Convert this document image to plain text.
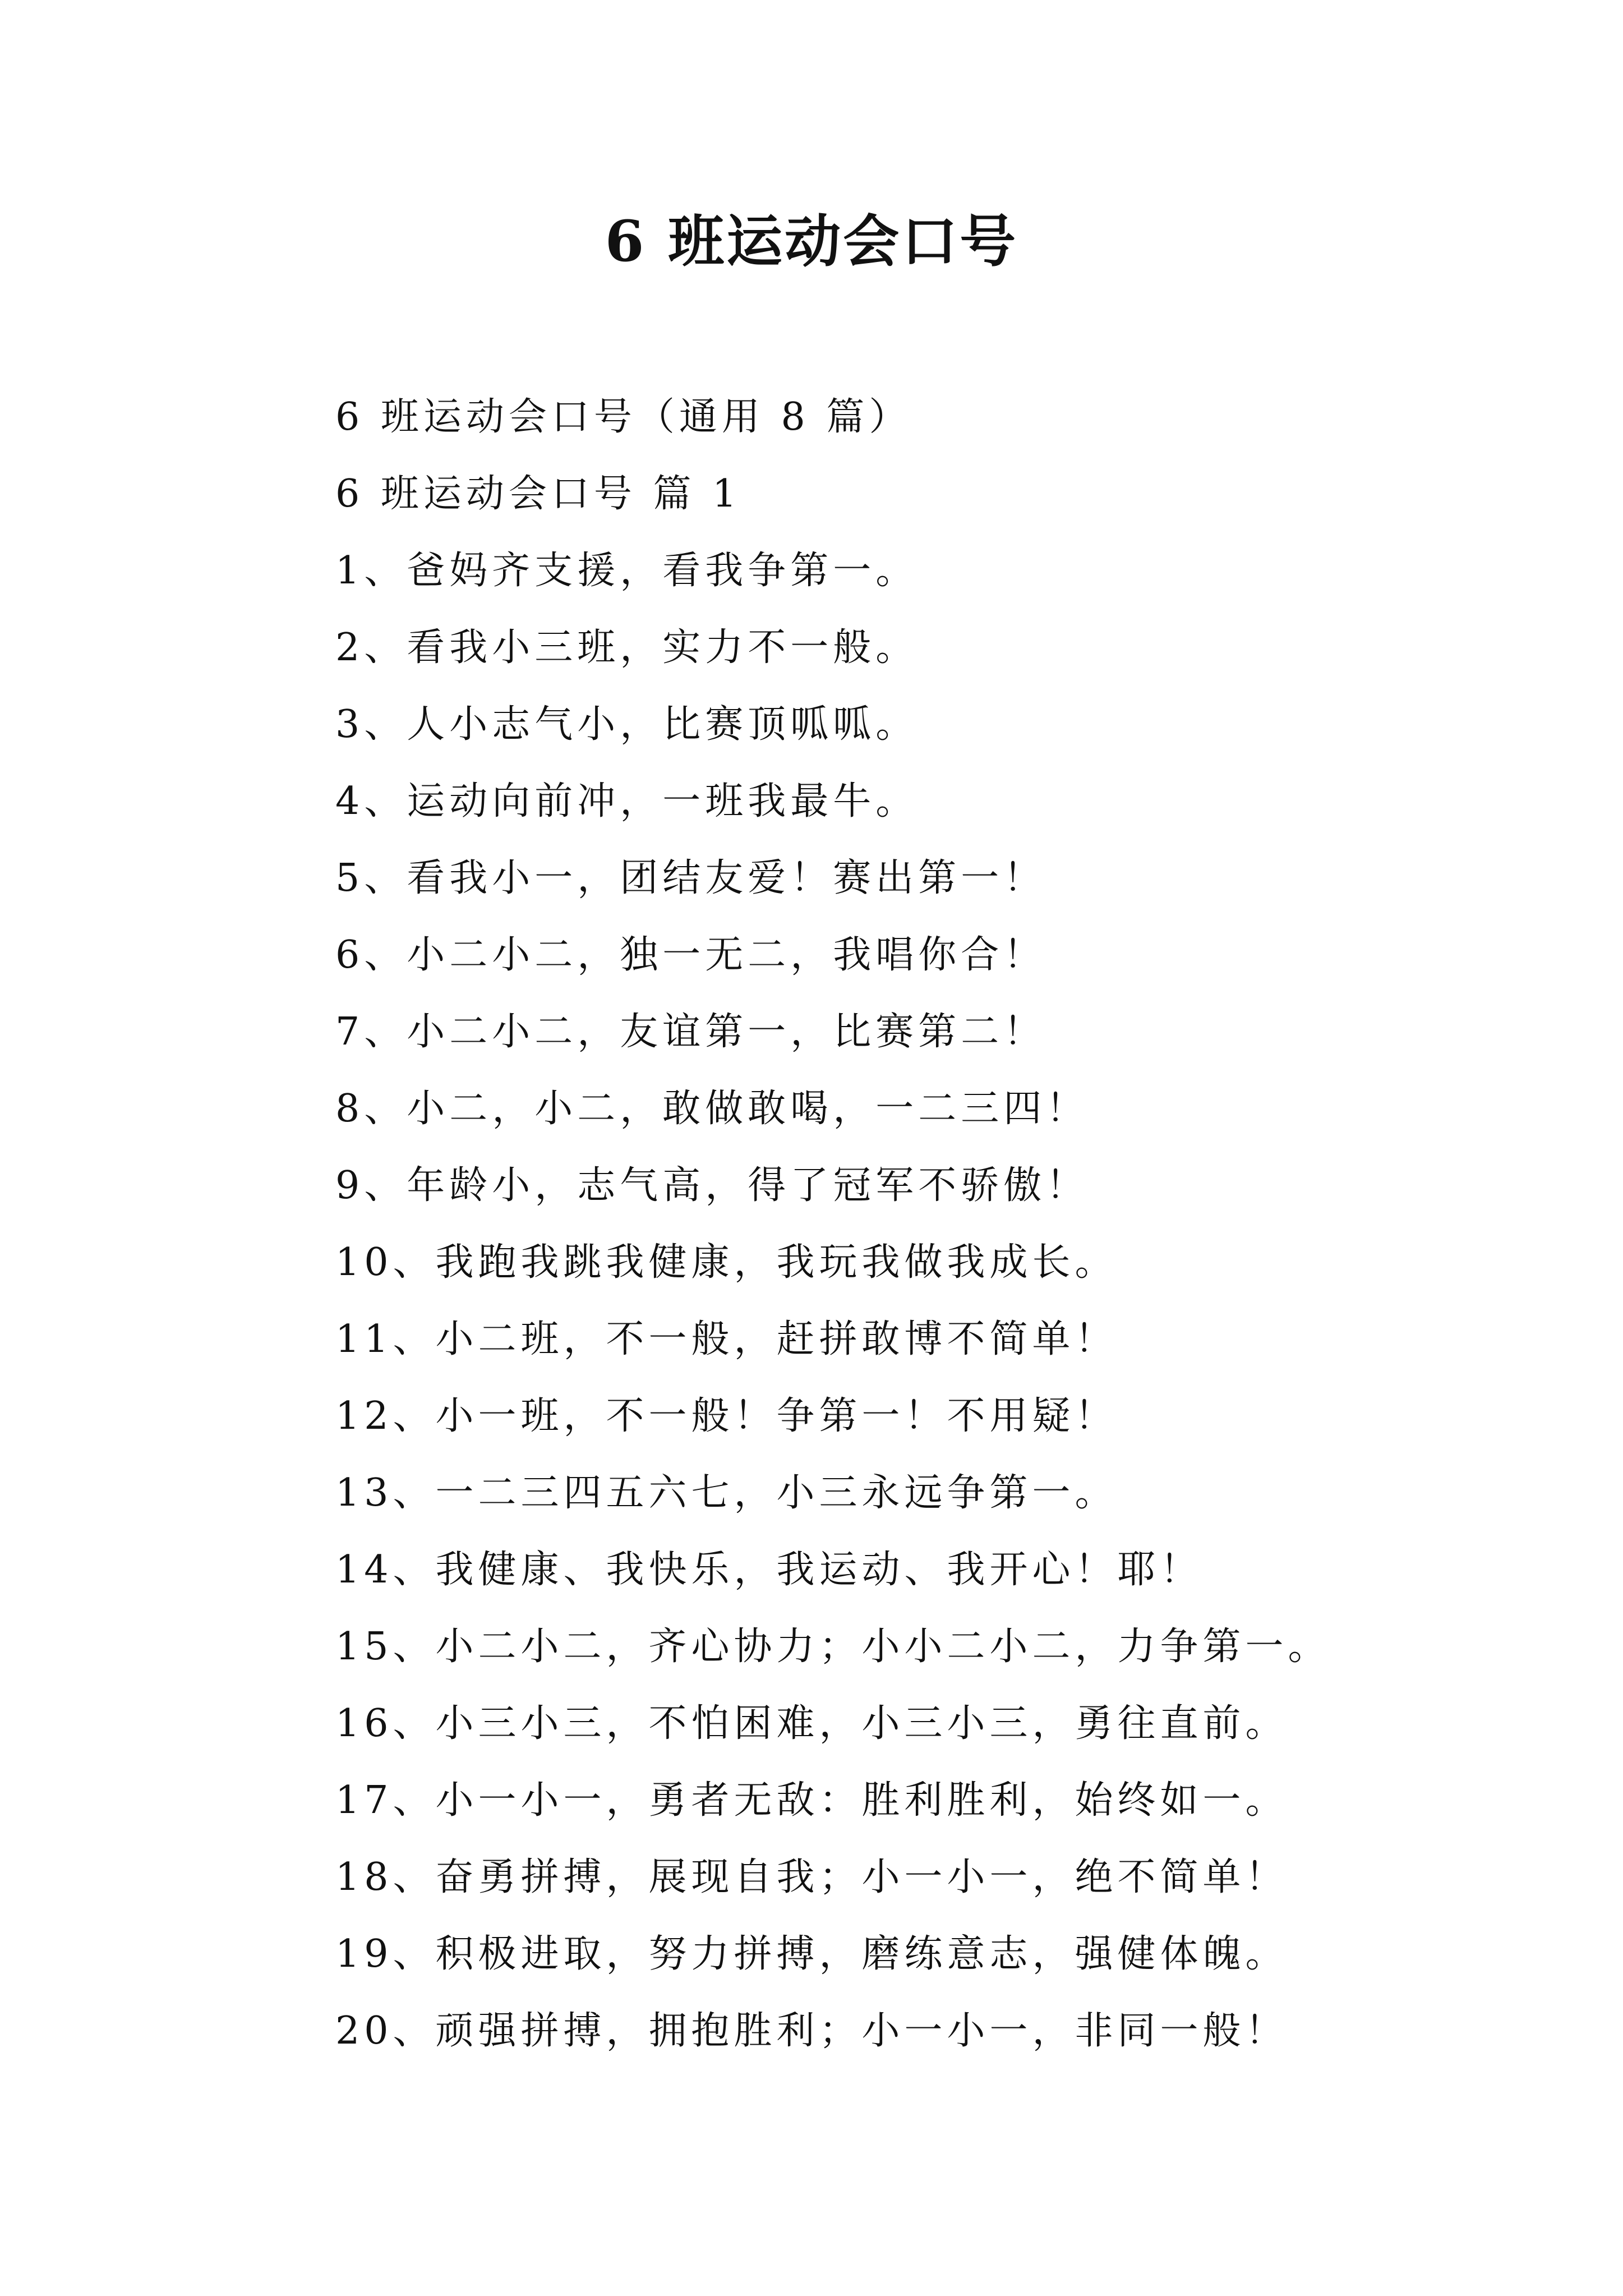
6 班运动会口号

6 班运动会口号（通用 8 篇）

6 班运动会口号 篇 1

1、爸妈齐支援，看我争第一。
2、看我小三班，实力不一般。
3、人小志气小，比赛顶呱呱。
4、运动向前冲，一班我最牛。
5、看我小一，团结友爱！赛出第一！
6、小二小二，独一无二，我唱你合！
7、小二小二，友谊第一，比赛第二！
8、小二，小二，敢做敢喝，一二三四！
9、年龄小，志气高，得了冠军不骄傲！
10、我跑我跳我健康，我玩我做我成长。
11、小二班，不一般，赶拼敢博不简单！
12、小一班，不一般！争第一！不用疑！
13、一二三四五六七，小三永远争第一。
14、我健康、我快乐，我运动、我开心！耶！
15、小二小二，齐心协力；小小二小二，力争第一。
16、小三小三，不怕困难，小三小三，勇往直前。
17、小一小一，勇者无敌：胜利胜利，始终如一。
18、奋勇拼搏，展现自我；小一小一，绝不简单！
19、积极进取，努力拼搏，磨练意志，强健体魄。
20、顽强拼搏，拥抱胜利；小一小一，非同一般！
